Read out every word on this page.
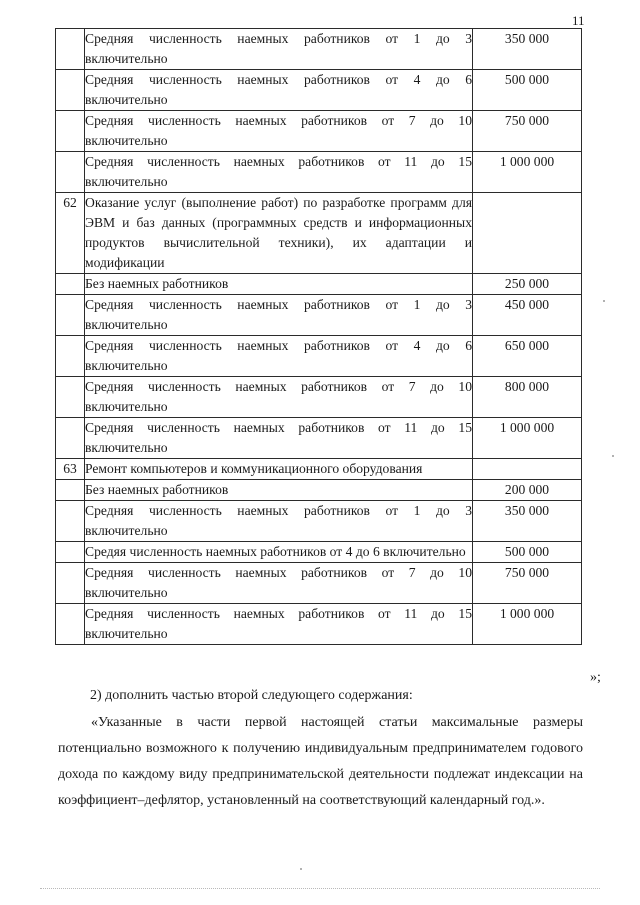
11
	Средняя численность наемных работников от 1 до 3 включительно	350 000
	Средняя численность наемных работников от 4 до 6 включительно	500 000
	Средняя численность наемных работников от 7 до 10 включительно	750 000
	Средняя численность наемных работников от 11 до 15 включительно	1 000 000
62	Оказание услуг (выполнение работ) по разработке программ для ЭВМ и баз данных (программных средств и информационных продуктов вычислительной техники), их адаптации и модификации	
	Без наемных работников	250 000
	Средняя численность наемных работников от 1 до 3 включительно	450 000
	Средняя численность наемных работников от 4 до 6 включительно	650 000
	Средняя численность наемных работников от 7 до 10 включительно	800 000
	Средняя численность наемных работников от 11 до 15 включительно	1 000 000
63	Ремонт компьютеров и коммуникационного оборудования	
	Без наемных работников	200 000
	Средняя численность наемных работников от 1 до 3 включительно	350 000
	Средяя численность наемных работников от 4 до 6 включительно	500 000
	Средняя численность наемных работников от 7 до 10 включительно	750 000
	Средняя численность наемных работников от 11 до 15 включительно	1 000 000
»;

2) дополнить частью второй следующего содержания:

«Указанные в части первой настоящей статьи максимальные размеры потенциально возможного к получению индивидуальным предпринимателем годового дохода по каждому виду предпринимательской деятельности подлежат индексации на коэффициент–дефлятор, установленный на соответствующий календарный год.».
